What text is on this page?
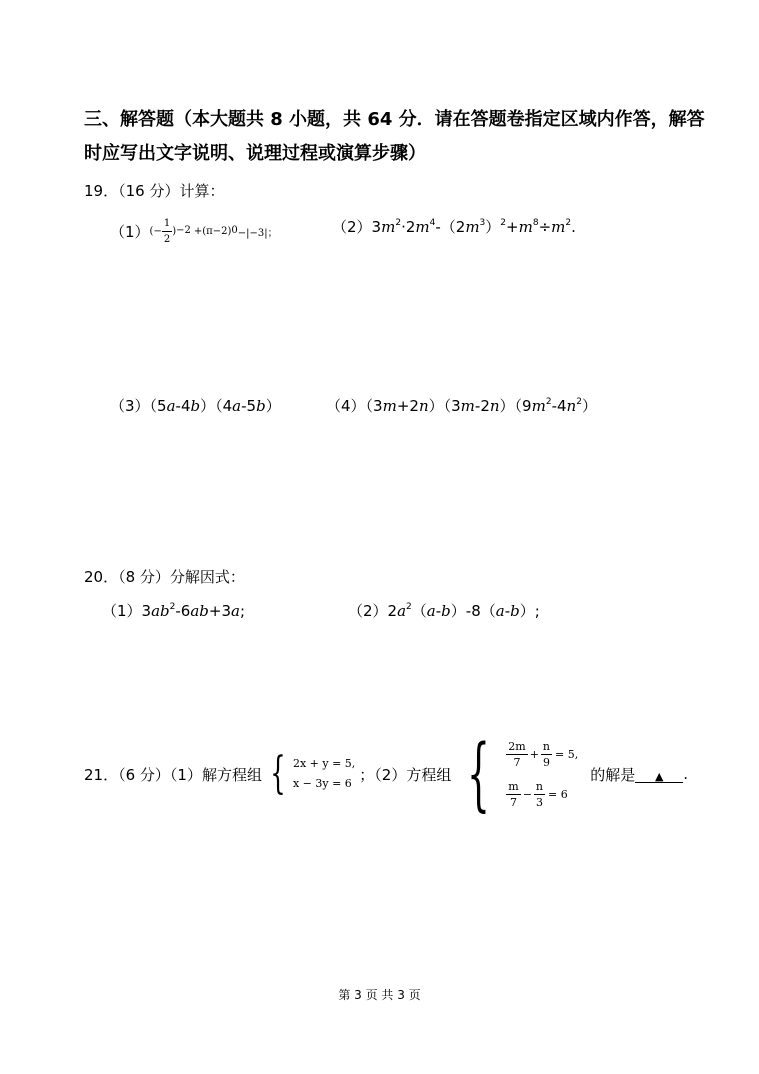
三、解答题（本大题共 8 小题，共 64 分．请在答题卷指定区域内作答，解答
时应写出文字说明、说理过程或演算步骤）
19．（16 分）计算：
（1） (− $\frac{1}{2}$ ) −2 +(π−2) 0 −|−3|；	$(2)3m^2\cdot 2m^4-(2m^3)^2+m^8\div m^2$.
（3）（5a-4b）（4a-5b）	$(4)(3m+2n)(3m-2n)(9m^2-4n^2)$
20．（8 分）分解因式：
$(1)3ab^2-6ab+3a$;	$(2)2a^2(a-b)-8(a-b)$;
21．（6 分）（1）解方程组 { 2x + y = 5,
x − 3y = 6 ；（2）方程组 { $\frac{2m}{7} + \frac{n}{9} = 5$,
$\frac{m}{7} - \frac{n}{3} = 6$
的解是	▲	.
第 3 页 共 3 页
